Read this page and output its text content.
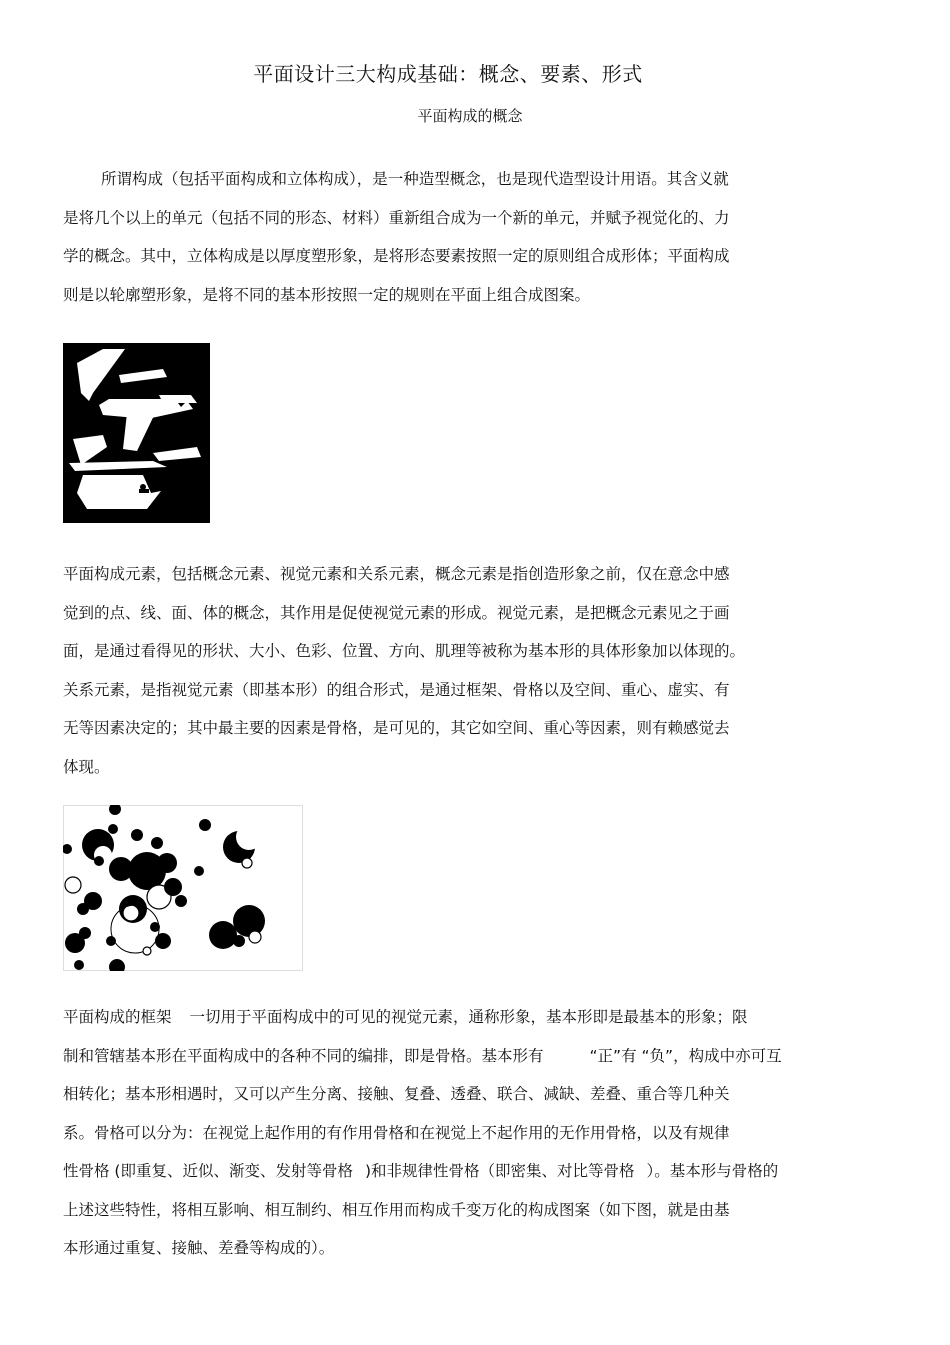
平面设计三大构成基础：概念、要素、形式
平面构成的概念
所谓构成（包括平面构成和立体构成），是一种造型概念，也是现代造型设计用语。其含义就
是将几个以上的单元（包括不同的形态、材料）重新组合成为一个新的单元，并赋予视觉化的、力
学的概念。其中，立体构成是以厚度塑形象，是将形态要素按照一定的原则组合成形体；平面构成
则是以轮廓塑形象，是将不同的基本形按照一定的规则在平面上组合成图案。
平面构成元素，包括概念元素、视觉元素和关系元素，概念元素是指创造形象之前，仅在意念中感
觉到的点、线、面、体的概念，其作用是促使视觉元素的形成。视觉元素，是把概念元素见之于画
面，是通过看得见的形状、大小、色彩、位置、方向、肌理等被称为基本形的具体形象加以体现的。
关系元素，是指视觉元素（即基本形）的组合形式，是通过框架、骨格以及空间、重心、虚实、有
无等因素决定的；其中最主要的因素是骨格，是可见的，其它如空间、重心等因素，则有赖感觉去
体现。
平面构成的框架 一切用于平面构成中的可见的视觉元素，通称形象，基本形即是最基本的形象；限
制和管辖基本形在平面构成中的各种不同的编排，即是骨格。基本形有	“正”有 “负”，构成中亦可互
相转化；基本形相遇时，又可以产生分离、接触、复叠、透叠、联合、减缺、差叠、重合等几种关
系。骨格可以分为：在视觉上起作用的有作用骨格和在视觉上不起作用的无作用骨格，以及有规律
性骨格 (即重复、近似、渐变、发射等骨格 )和非规律性骨格（即密集、对比等骨格 ）。基本形与骨格的
上述这些特性，将相互影响、相互制约、相互作用而构成千变万化的构成图案（如下图，就是由基
本形通过重复、接触、差叠等构成的）。
